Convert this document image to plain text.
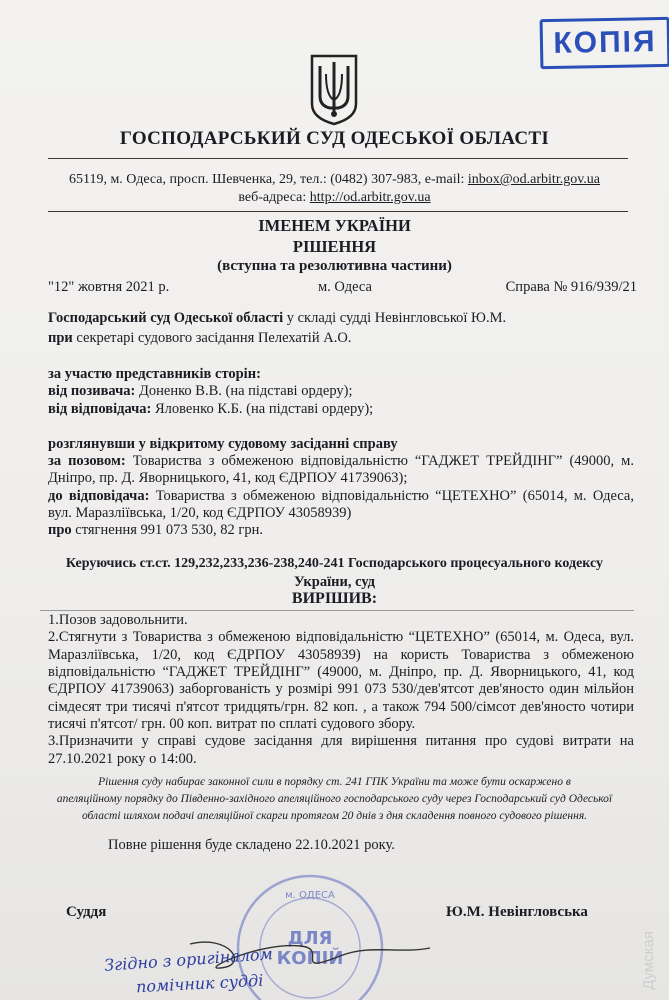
КОПІЯ
ГОСПОДАРСЬКИЙ СУД ОДЕСЬКОЇ ОБЛАСТІ
65119, м. Одеса, просп. Шевченка, 29, тел.: (0482) 307-983, e-mail: inbox@od.arbitr.gov.ua
веб-адреса: http://od.arbitr.gov.ua
ІМЕНЕМ УКРАЇНИ
РІШЕННЯ
(вступна та резолютивна частини)
"12" жовтня 2021 р.	м. Одеса	Справа № 916/939/21
Господарський суд Одеської області у складі судді Невінгловської Ю.М.
при секретарі судового засідання Пелехатій А.О.
за участю представників сторін:
від позивача: Доненко В.В. (на підставі ордеру);
від відповідача: Яловенко К.Б. (на підставі ордеру);
розглянувши у відкритому судовому засіданні справу
за позовом: Товариства з обмеженою відповідальністю “ГАДЖЕТ ТРЕЙДІНГ” (49000, м.
Дніпро, пр. Д. Яворницького, 41, код ЄДРПОУ 41739063);
до відповідача: Товариства з обмеженою відповідальністю “ЦЕТЕХНО” (65014, м. Одеса,
вул. Маразліївська, 1/20, код ЄДРПОУ 43058939)
про стягнення 991 073 530, 82 грн.
Керуючись ст.ст. 129,232,233,236-238,240-241 Господарського процесуального кодексу
України, суд
ВИРІШИВ:
1.Позов задовольнити.
2.Стягнути з Товариства з обмеженою відповідальністю “ЦЕТЕХНО” (65014, м. Одеса, вул.
Маразліївська, 1/20, код ЄДРПОУ 43058939) на користь Товариства з обмеженою
відповідальністю “ГАДЖЕТ ТРЕЙДІНГ” (49000, м. Дніпро, пр. Д. Яворницького, 41, код
ЄДРПОУ 41739063) заборгованість у розмірі 991 073 530/дев'ятсот дев'яносто один мільйон
сімдесят три тисячі п'ятсот тридцять/грн. 82 коп. , а також 794 500/сімсот дев'яносто чотири
тисячі п'ятсот/ грн. 00 коп. витрат по сплаті судового збору.
3.Призначити у справі судове засідання для вирішення питання про судові витрати на
27.10.2021 року о 14:00.
Рішення суду набирає законної сили в порядку ст. 241 ГПК України та може бути оскаржено в
апеляційному порядку до Південно-західного апеляційного господарського суду через Господарський суд Одеської
області шляхом подачі апеляційної скарги протягом 20 днів з дня складення повного судового рішення.
Повне рішення буде складено 22.10.2021 року.
м. ОДЕСА
ДЛЯ
КОПІЙ
Суддя	Ю.М. Невінгловська
Згідно з оригіналом
помічник судді	Думская
